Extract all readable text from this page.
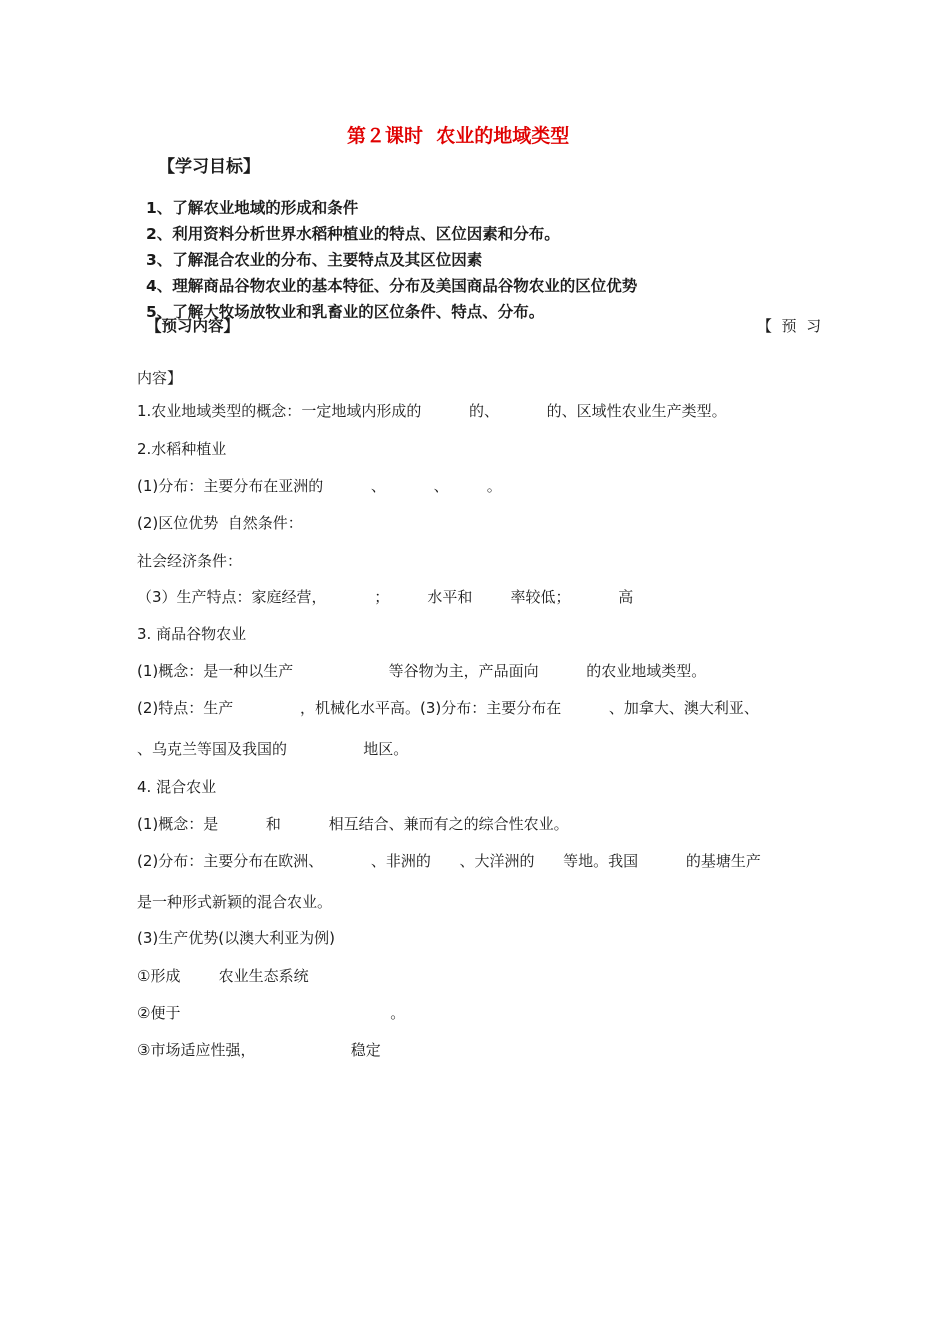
第２课时  农业的地域类型
【学习目标】
1、了解农业地域的形成和条件
2、利用资料分析世界水稻种植业的特点、区位因素和分布。
3、了解混合农业的分布、主要特点及其区位因素
4、理解商品谷物农业的基本特征、分布及美国商品谷物农业的区位优势
5、了解大牧场放牧业和乳畜业的区位条件、特点、分布。
【预习内容】	【  预  习
内容】
1.农业地域类型的概念：一定地域内形成的          的、          的、区域性农业生产类型。
2.水稻种植业
(1)分布：主要分布在亚洲的          、          、        。
(2)区位优势  自然条件：
社会经济条件：
（3）生产特点：家庭经营，          ；        水平和        率较低；          高
3. 商品谷物农业
(1)概念：是一种以生产                    等谷物为主，产品面向          的农业地域类型。
(2)特点：生产              ，机械化水平高。(3)分布：主要分布在          、加拿大、澳大利亚、
、乌克兰等国及我国的                地区。
4. 混合农业
(1)概念：是          和          相互结合、兼而有之的综合性农业。
(2)分布：主要分布在欧洲、          、非洲的      、大洋洲的      等地。我国          的基塘生产
是一种形式新颖的混合农业。
(3)生产优势(以澳大利亚为例)
①形成        农业生态系统
②便于                                            。
③市场适应性强，                    稳定
